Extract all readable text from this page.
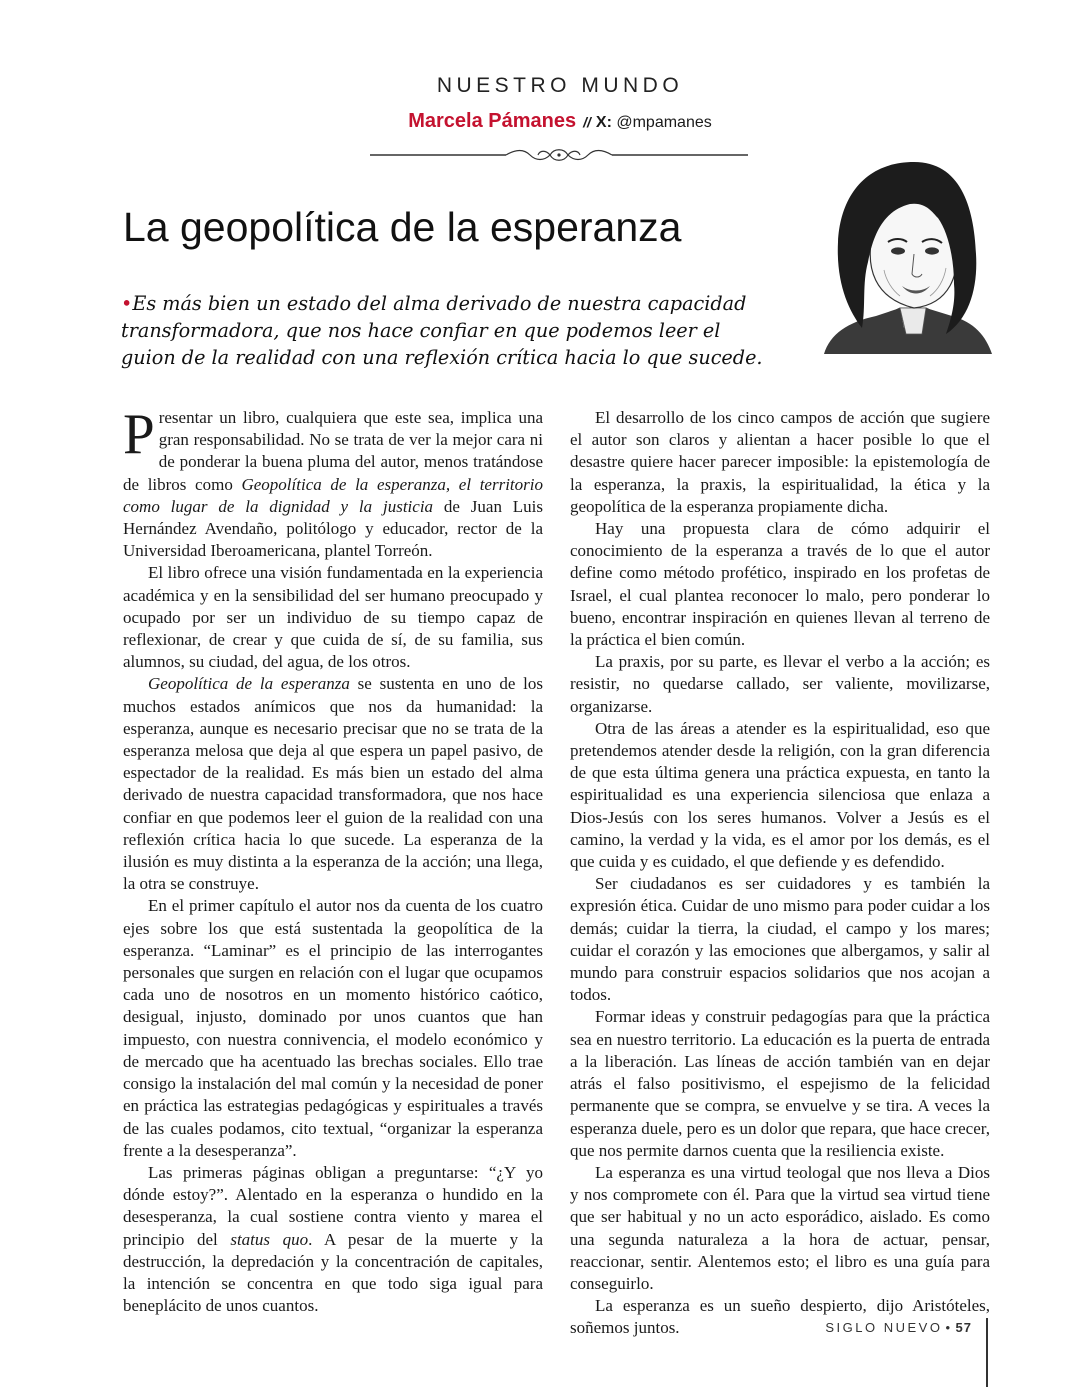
NUESTRO MUNDO
Marcela Pámanes // X: @mpamanes
La geopolítica de la esperanza

•Es más bien un estado del alma derivado de nuestra capacidad transformadora, que nos hace confiar en que podemos leer el guion de la realidad con una reflexión crítica hacia lo que sucede.

Presentar un libro, cualquiera que este sea, implica una gran responsabilidad. No se trata de ver la mejor cara ni de ponderar la buena pluma del autor, menos tratándose de libros como Geopolítica de la esperanza, el territorio como lugar de la dignidad y la justicia de Juan Luis Hernández Avendaño, politólogo y educador, rector de la Universidad Iberoamericana, plantel Torreón.

El libro ofrece una visión fundamentada en la experiencia académica y en la sensibilidad del ser humano preocupado y ocupado por ser un individuo de su tiempo capaz de reflexionar, de crear y que cuida de sí, de su familia, sus alumnos, su ciudad, del agua, de los otros.

Geopolítica de la esperanza se sustenta en uno de los muchos estados anímicos que nos da humanidad: la esperanza, aunque es necesario precisar que no se trata de la esperanza melosa que deja al que espera un papel pasivo, de espectador de la realidad. Es más bien un estado del alma derivado de nuestra capacidad transformadora, que nos hace confiar en que podemos leer el guion de la realidad con una reflexión crítica hacia lo que sucede. La esperanza de la ilusión es muy distinta a la esperanza de la acción; una llega, la otra se construye.

En el primer capítulo el autor nos da cuenta de los cuatro ejes sobre los que está sustentada la geopolítica de la esperanza. “Laminar” es el principio de las interrogantes personales que surgen en relación con el lugar que ocupamos cada uno de nosotros en un momento histórico caótico, desigual, injusto, dominado por unos cuantos que han impuesto, con nuestra connivencia, el modelo económico y de mercado que ha acentuado las brechas sociales. Ello trae consigo la instalación del mal común y la necesidad de poner en práctica las estrategias pedagógicas y espirituales a través de las cuales podamos, cito textual, “organizar la esperanza frente a la desesperanza”.

Las primeras páginas obligan a preguntarse: “¿Y yo dónde estoy?”. Alentado en la esperanza o hundido en la desesperanza, la cual sostiene contra viento y marea el principio del status quo. A pesar de la muerte y la destrucción, la depredación y la concentración de capitales, la intención se concentra en que todo siga igual para beneplácito de unos cuantos.

El desarrollo de los cinco campos de acción que sugiere el autor son claros y alientan a hacer posible lo que el desastre quiere hacer parecer imposible: la epistemología de la esperanza, la praxis, la espiritualidad, la ética y la geopolítica de la esperanza propiamente dicha.

Hay una propuesta clara de cómo adquirir el conocimiento de la esperanza a través de lo que el autor define como método profético, inspirado en los profetas de Israel, el cual plantea reconocer lo malo, pero ponderar lo bueno, encontrar inspiración en quienes llevan al terreno de la práctica el bien común.

La praxis, por su parte, es llevar el verbo a la acción; es resistir, no quedarse callado, ser valiente, movilizarse, organizarse.

Otra de las áreas a atender es la espiritualidad, eso que pretendemos atender desde la religión, con la gran diferencia de que esta última genera una práctica expuesta, en tanto la espiritualidad es una experiencia silenciosa que enlaza a Dios-Jesús con los seres humanos. Volver a Jesús es el camino, la verdad y la vida, es el amor por los demás, es el que cuida y es cuidado, el que defiende y es defendido.

Ser ciudadanos es ser cuidadores y es también la expresión ética. Cuidar de uno mismo para poder cuidar a los demás; cuidar la tierra, la ciudad, el campo y los mares; cuidar el corazón y las emociones que albergamos, y salir al mundo para construir espacios solidarios que nos acojan a todos.

Formar ideas y construir pedagogías para que la práctica sea en nuestro territorio. La educación es la puerta de entrada a la liberación. Las líneas de acción también van en dejar atrás el falso positivismo, el espejismo de la felicidad permanente que se compra, se envuelve y se tira. A veces la esperanza duele, pero es un dolor que repara, que hace crecer, que nos permite darnos cuenta que la resiliencia existe.

La esperanza es una virtud teologal que nos lleva a Dios y nos compromete con él. Para que la virtud sea virtud tiene que ser habitual y no un acto esporádico, aislado. Es como una segunda naturaleza a la hora de actuar, pensar, reaccionar, sentir. Alentemos esto; el libro es una guía para conseguirlo.

La esperanza es un sueño despierto, dijo Aristóteles, soñemos juntos.	SIGLO NUEVO • 57
